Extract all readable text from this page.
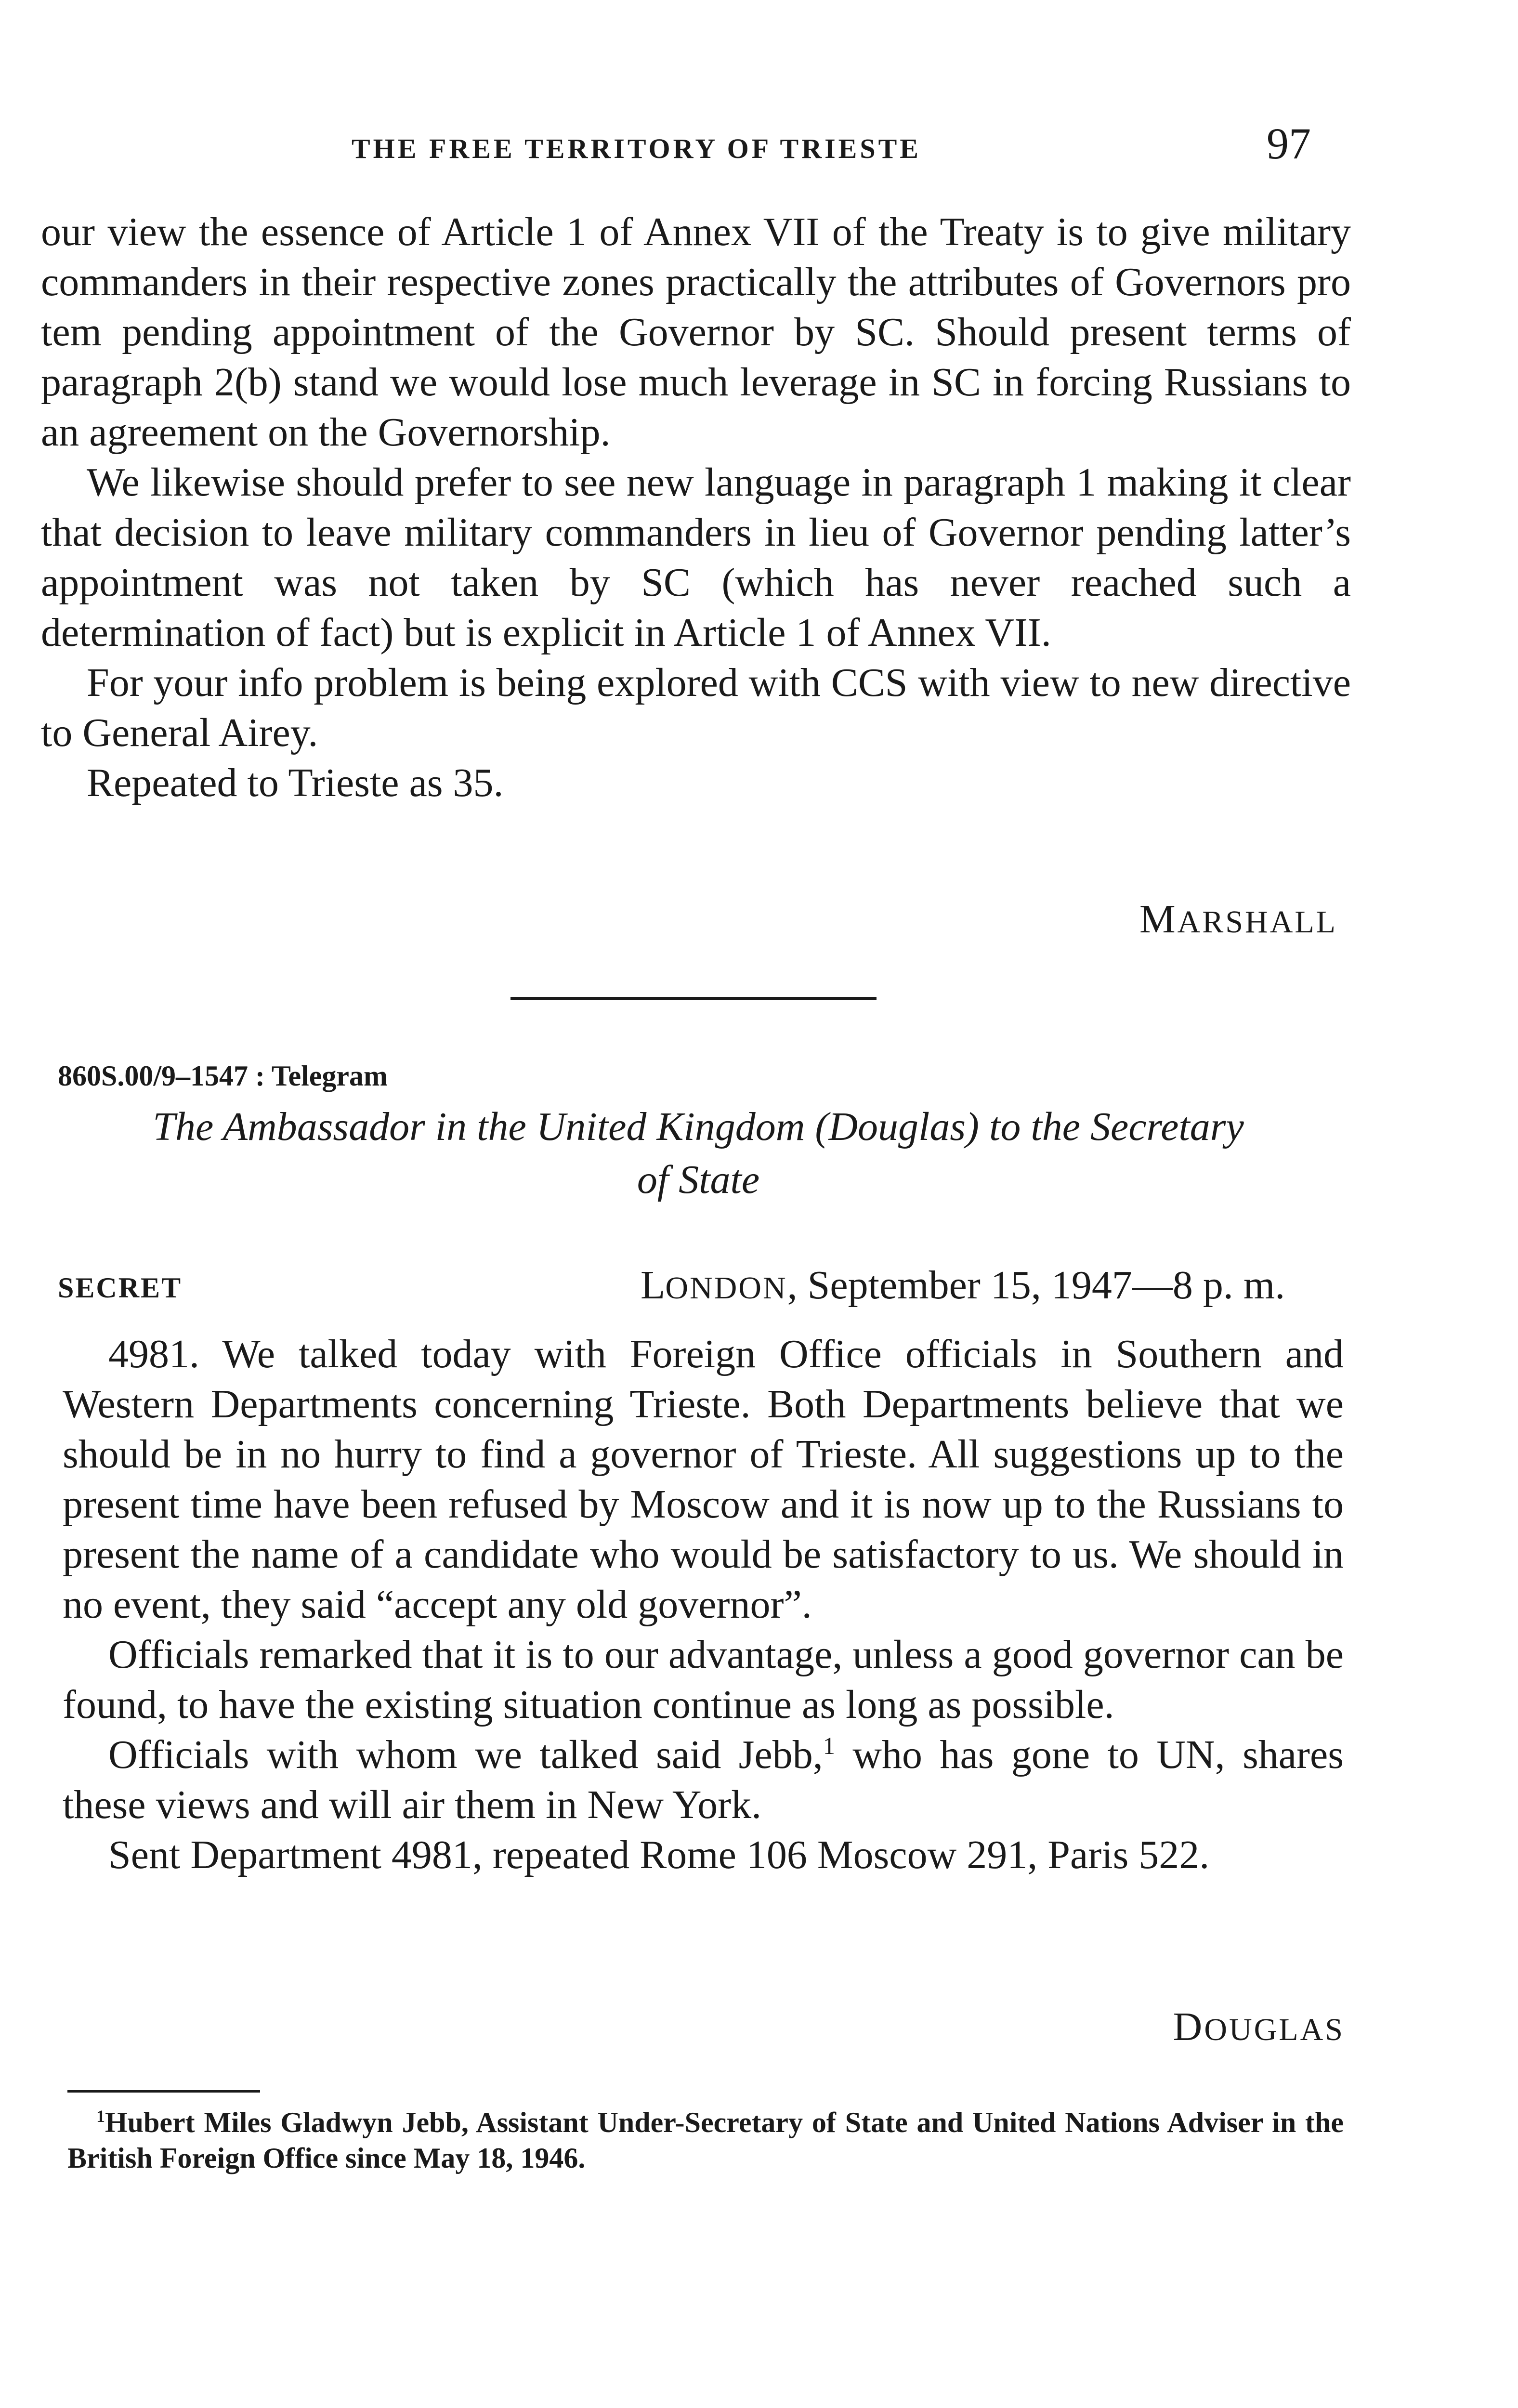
THE FREE TERRITORY OF TRIESTE	97

our view the essence of Article 1 of Annex VII of the Treaty is to give military commanders in their respective zones practically the attributes of Governors pro tem pending appointment of the Governor by SC. Should present terms of paragraph 2(b) stand we would lose much leverage in SC in forcing Russians to an agreement on the Governorship.

We likewise should prefer to see new language in paragraph 1 making it clear that decision to leave military commanders in lieu of Governor pending latter’s appointment was not taken by SC (which has never reached such a determination of fact) but is explicit in Article 1 of Annex VII.

For your info problem is being explored with CCS with view to new directive to General Airey.

Repeated to Trieste as 35.

MARSHALL
860S.00/9–1547 : Telegram
The Ambassador in the United Kingdom (Douglas) to the Secretary
of State
SECRET	LONDON, September 15, 1947—8 p. m.

4981. We talked today with Foreign Office officials in Southern and Western Departments concerning Trieste. Both Departments believe that we should be in no hurry to find a governor of Trieste. All suggestions up to the present time have been refused by Moscow and it is now up to the Russians to present the name of a candidate who would be satisfactory to us. We should in no event, they said “accept any old governor”.

Officials remarked that it is to our advantage, unless a good governor can be found, to have the existing situation continue as long as possible.

Officials with whom we talked said Jebb,$^1$ who has gone to UN, shares these views and will air them in New York.

Sent Department 4981, repeated Rome 106 Moscow 291, Paris 522.

DOUGLAS
$^1$Hubert Miles Gladwyn Jebb, Assistant Under-Secretary of State and United Nations Adviser in the British Foreign Office since May 18, 1946.
